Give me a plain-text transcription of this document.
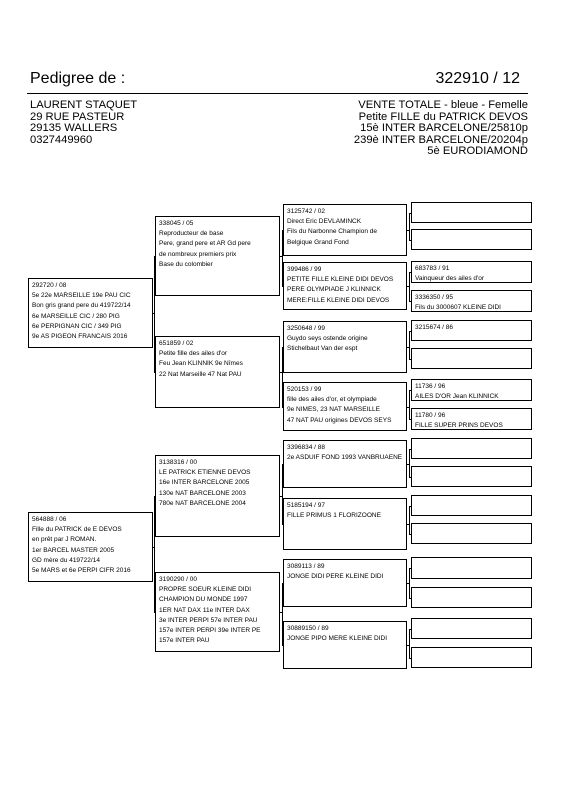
Pedigree de :	322910 / 12
LAURENT STAQUET
29 RUE PASTEUR
29135 WALLERS
0327449960
VENTE TOTALE - bleue - Femelle
Petite FILLE du PATRICK DEVOS
15è INTER BARCELONE/25810p
239è INTER BARCELONE/20204p
5è EURODIAMOND
292720 / 08
5e 22e MARSEILLE 19e PAU CIC
Bon gris grand pere du 419722/14
6e MARSEILLE CIC / 280 PIG
6e PERPIGNAN CIC / 349 PIG
9e AS PIGEON FRANCAIS 2016
564888 / 06
Fille du PATRICK de E DEVOS
en prêt par J ROMAN.
1er BARCEL MASTER 2005
GD mère du 419722/14
5e MARS et 6e PERPI CIFR 2016
338045 / 05
Reproducteur de base
Pere, grand pere et AR Gd pere
de nombreux premiers prix
Base du colombier
651859 / 02
Petite fille des ailes d'or
Feu Jean KLINNIK 9e Nîmes
22 Nat Marseille 47 Nat PAU
3138316 / 00
LE PATRICK ETIENNE DEVOS
16e INTER BARCELONE 2005
130e NAT BARCELONE 2003
780e NAT BARCELONE 2004
3190290 / 00
PROPRE SOEUR KLEINE DIDI
CHAMPION DU MONDE 1997
1ER NAT DAX 11e INTER DAX
3e INTER PERPI 57e INTER PAU
157e INTER PERPI 39e INTER PE
157e INTER PAU
3125742 / 02
Direct Eric DEVLAMINCK
Fils du Narbonne Champion de
Belgique Grand Fond
399486 / 99
PETITE FILLE KLEINE DIDI DEVOS
PERE OLYMPIADE J KLINNICK
MERE:FILLE KLEINE DIDI DEVOS
3250648 / 99
Guydo seys ostende origine
Stichelbaut Van der espt
520153 / 99
fille des ailes d'or, et olympiade
9e NIMES, 23 NAT MARSEILLE
47 NAT PAU origines DEVOS SEYS
3396834 / 88
2e ASDUIF FOND 1993 VANBRUAENE
5185194 / 97
FILLE PRIMUS 1 FLORIZOONE
3089113 / 89
JONGE DIDI PERE KLEINE DIDI
30889150 / 89
JONGE PIPO MERE KLEINE DIDI
683783 / 91
Vainqueur des ailes d'or
3336350 / 95
Fils du 3000607 KLEINE DIDI
3215674 / 86
11736 / 96
AILES D'OR Jean KLINNICK
11780 / 96
FILLE SUPER PRINS DEVOS
